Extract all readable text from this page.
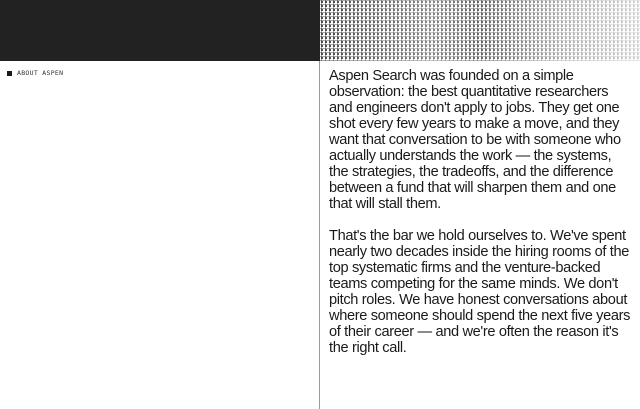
ABOUT ASPEN	Aspen Search was founded on a simple observation: the best quantitative researchers and engineers don't apply to jobs. They get one shot every few years to make a move, and they want that conversation to be with someone who actually understands the work — the systems, the strategies, the tradeoffs, and the difference between a fund that will sharpen them and one that will stall them.

That's the bar we hold ourselves to. We've spent nearly two decades inside the hiring rooms of the top systematic firms and the venture-backed teams competing for the same minds. We don't pitch roles. We have honest conversations about where someone should spend the next five years of their career — and we're often the reason it's the right call.
